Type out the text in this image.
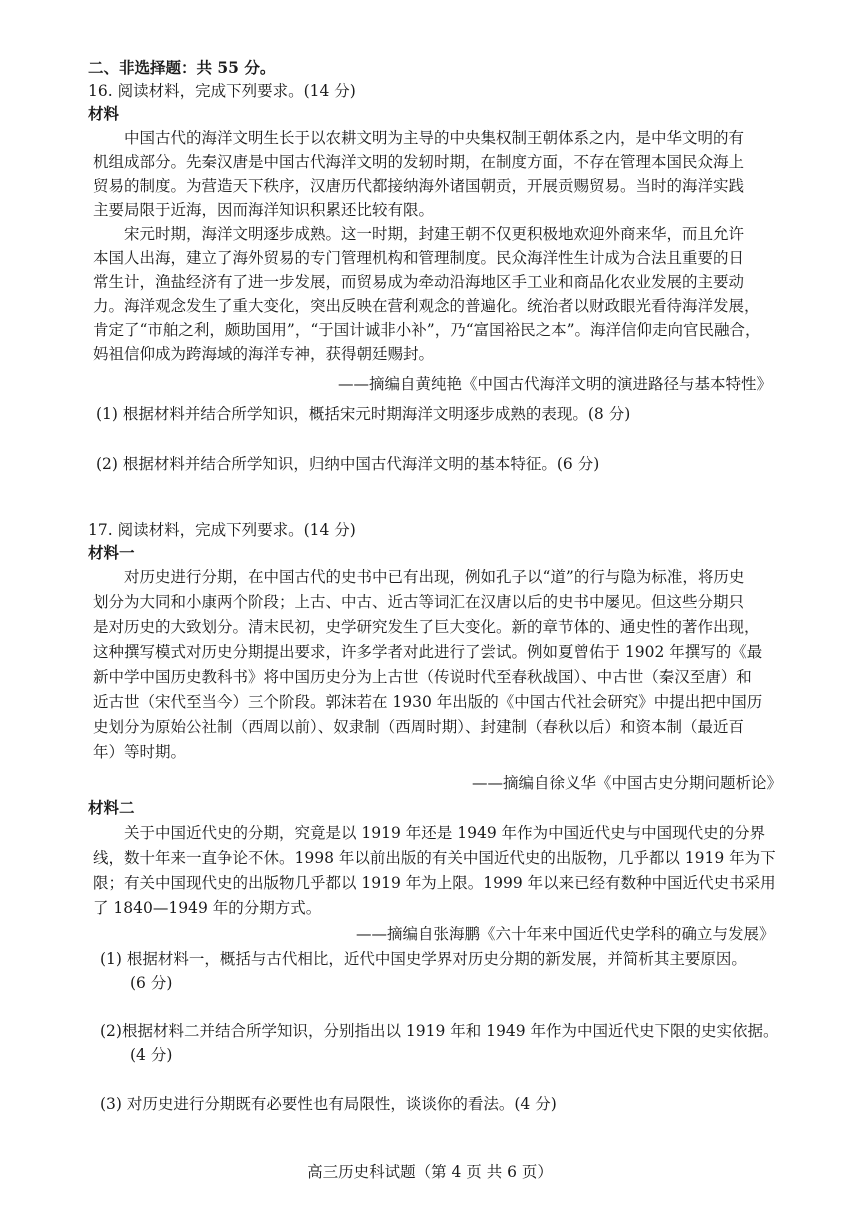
二、非选择题：共 55 分。
16. 阅读材料，完成下列要求。(14 分)
材料
中国古代的海洋文明生长于以农耕文明为主导的中央集权制王朝体系之内，是中华文明的有
机组成部分。先秦汉唐是中国古代海洋文明的发轫时期，在制度方面，不存在管理本国民众海上
贸易的制度。为营造天下秩序，汉唐历代都接纳海外诸国朝贡，开展贡赐贸易。当时的海洋实践
主要局限于近海，因而海洋知识积累还比较有限。
宋元时期，海洋文明逐步成熟。这一时期，封建王朝不仅更积极地欢迎外商来华，而且允许
本国人出海，建立了海外贸易的专门管理机构和管理制度。民众海洋性生计成为合法且重要的日
常生计，渔盐经济有了进一步发展，而贸易成为牵动沿海地区手工业和商品化农业发展的主要动
力。海洋观念发生了重大变化，突出反映在营利观念的普遍化。统治者以财政眼光看待海洋发展，
肯定了“市舶之利，颇助国用”，“于国计诚非小补”，乃“富国裕民之本”。海洋信仰走向官民融合，
妈祖信仰成为跨海域的海洋专神，获得朝廷赐封。
——摘编自黄纯艳《中国古代海洋文明的演进路径与基本特性》
(1) 根据材料并结合所学知识，概括宋元时期海洋文明逐步成熟的表现。(8 分)
(2) 根据材料并结合所学知识，归纳中国古代海洋文明的基本特征。(6 分)
17. 阅读材料，完成下列要求。(14 分)
材料一
对历史进行分期，在中国古代的史书中已有出现，例如孔子以“道”的行与隐为标准，将历史
划分为大同和小康两个阶段；上古、中古、近古等词汇在汉唐以后的史书中屡见。但这些分期只
是对历史的大致划分。清末民初，史学研究发生了巨大变化。新的章节体的、通史性的著作出现，
这种撰写模式对历史分期提出要求，许多学者对此进行了尝试。例如夏曾佑于 1902 年撰写的《最
新中学中国历史教科书》将中国历史分为上古世（传说时代至春秋战国）、中古世（秦汉至唐）和
近古世（宋代至当今）三个阶段。郭沫若在 1930 年出版的《中国古代社会研究》中提出把中国历
史划分为原始公社制（西周以前）、奴隶制（西周时期）、封建制（春秋以后）和资本制（最近百
年）等时期。
——摘编自徐义华《中国古史分期问题析论》
材料二
关于中国近代史的分期，究竟是以 1919 年还是 1949 年作为中国近代史与中国现代史的分界
线，数十年来一直争论不休。1998 年以前出版的有关中国近代史的出版物，几乎都以 1919 年为下
限；有关中国现代史的出版物几乎都以 1919 年为上限。1999 年以来已经有数种中国近代史书采用
了 1840—1949 年的分期方式。
——摘编自张海鹏《六十年来中国近代史学科的确立与发展》
(1) 根据材料一，概括与古代相比，近代中国史学界对历史分期的新发展，并简析其主要原因。
(6 分)
(2)根据材料二并结合所学知识，分别指出以 1919 年和 1949 年作为中国近代史下限的史实依据。
(4 分)
(3) 对历史进行分期既有必要性也有局限性，谈谈你的看法。(4 分)
高三历史科试题（第 4 页 共 6 页）
